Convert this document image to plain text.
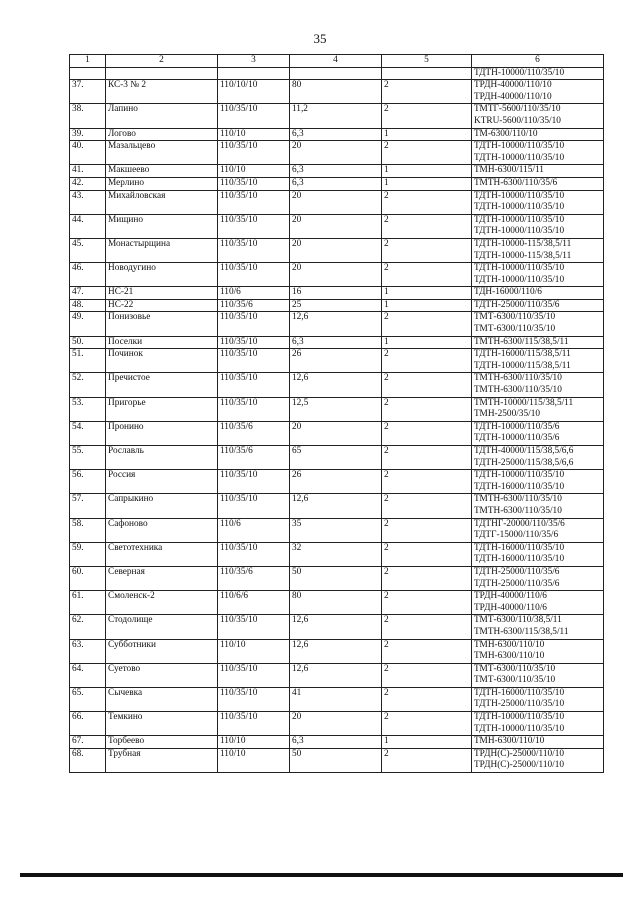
35
1	2	3	4	5	6

					ТДТН-10000/110/35/10

37.	КС-3 № 2	110/10/10	80	2	ТРДН-40000/110/10
ТРДН-40000/110/10

38.	Лапино	110/35/10	11,2	2	ТМТГ-5600/110/35/10
KTRU-5600/110/35/10

39.	Логово	110/10	6,3	1	ТМ-6300/110/10

40.	Мазальцево	110/35/10	20	2	ТДТН-10000/110/35/10
ТДТН-10000/110/35/10

41.	Макшеево	110/10	6,3	1	ТМН-6300/115/11

42.	Мерлино	110/35/10	6,3	1	ТМТН-6300/110/35/6

43.	Михайловская	110/35/10	20	2	ТДТН-10000/110/35/10
ТДТН-10000/110/35/10

44.	Мищино	110/35/10	20	2	ТДТН-10000/110/35/10
ТДТН-10000/110/35/10

45.	Монастырщина	110/35/10	20	2	ТДТН-10000-115/38,5/11
ТДТН-10000-115/38,5/11

46.	Новодугино	110/35/10	20	2	ТДТН-10000/110/35/10
ТДТН-10000/110/35/10

47.	НС-21	110/6	16	1	ТДН-16000/110/6

48.	НС-22	110/35/6	25	1	ТДТН-25000/110/35/6

49.	Понизовье	110/35/10	12,6	2	ТМТ-6300/110/35/10
ТМТ-6300/110/35/10

50.	Поселки	110/35/10	6,3	1	ТМТН-6300/115/38,5/11

51.	Починок	110/35/10	26	2	ТДТН-16000/115/38,5/11
ТДТН-10000/115/38,5/11

52.	Пречистое	110/35/10	12,6	2	ТМТН-6300/110/35/10
ТМТН-6300/110/35/10

53.	Пригорье	110/35/10	12,5	2	ТМТН-10000/115/38,5/11
ТМН-2500/35/10

54.	Пронино	110/35/6	20	2	ТДТН-10000/110/35/6
ТДТН-10000/110/35/6

55.	Рославль	110/35/6	65	2	ТДТН-40000/115/38,5/6,6
ТДТН-25000/115/38,5/6,6

56.	Россия	110/35/10	26	2	ТДТН-10000/110/35/10
ТДТН-16000/110/35/10

57.	Сапрыкино	110/35/10	12,6	2	ТМТН-6300/110/35/10
ТМТН-6300/110/35/10

58.	Сафоново	110/6	35	2	ТДТНГ-20000/110/35/6
ТДТГ-15000/110/35/6

59.	Светотехника	110/35/10	32	2	ТДТН-16000/110/35/10
ТДТН-16000/110/35/10

60.	Северная	110/35/6	50	2	ТДТН-25000/110/35/6
ТДТН-25000/110/35/6

61.	Смоленск-2	110/6/6	80	2	ТРДН-40000/110/6
ТРДН-40000/110/6

62.	Стодолище	110/35/10	12,6	2	ТМТ-6300/110/38,5/11
ТМТН-6300/115/38,5/11

63.	Субботники	110/10	12,6	2	ТМН-6300/110/10
ТМН-6300/110/10

64.	Суетово	110/35/10	12,6	2	ТМТ-6300/110/35/10
ТМТ-6300/110/35/10

65.	Сычевка	110/35/10	41	2	ТДТН-16000/110/35/10
ТДТН-25000/110/35/10

66.	Темкино	110/35/10	20	2	ТДТН-10000/110/35/10
ТДТН-10000/110/35/10

67.	Торбеево	110/10	6,3	1	ТМН-6300/110/10

68.	Трубная	110/10	50	2	ТРДН(С)-25000/110/10
ТРДН(С)-25000/110/10
